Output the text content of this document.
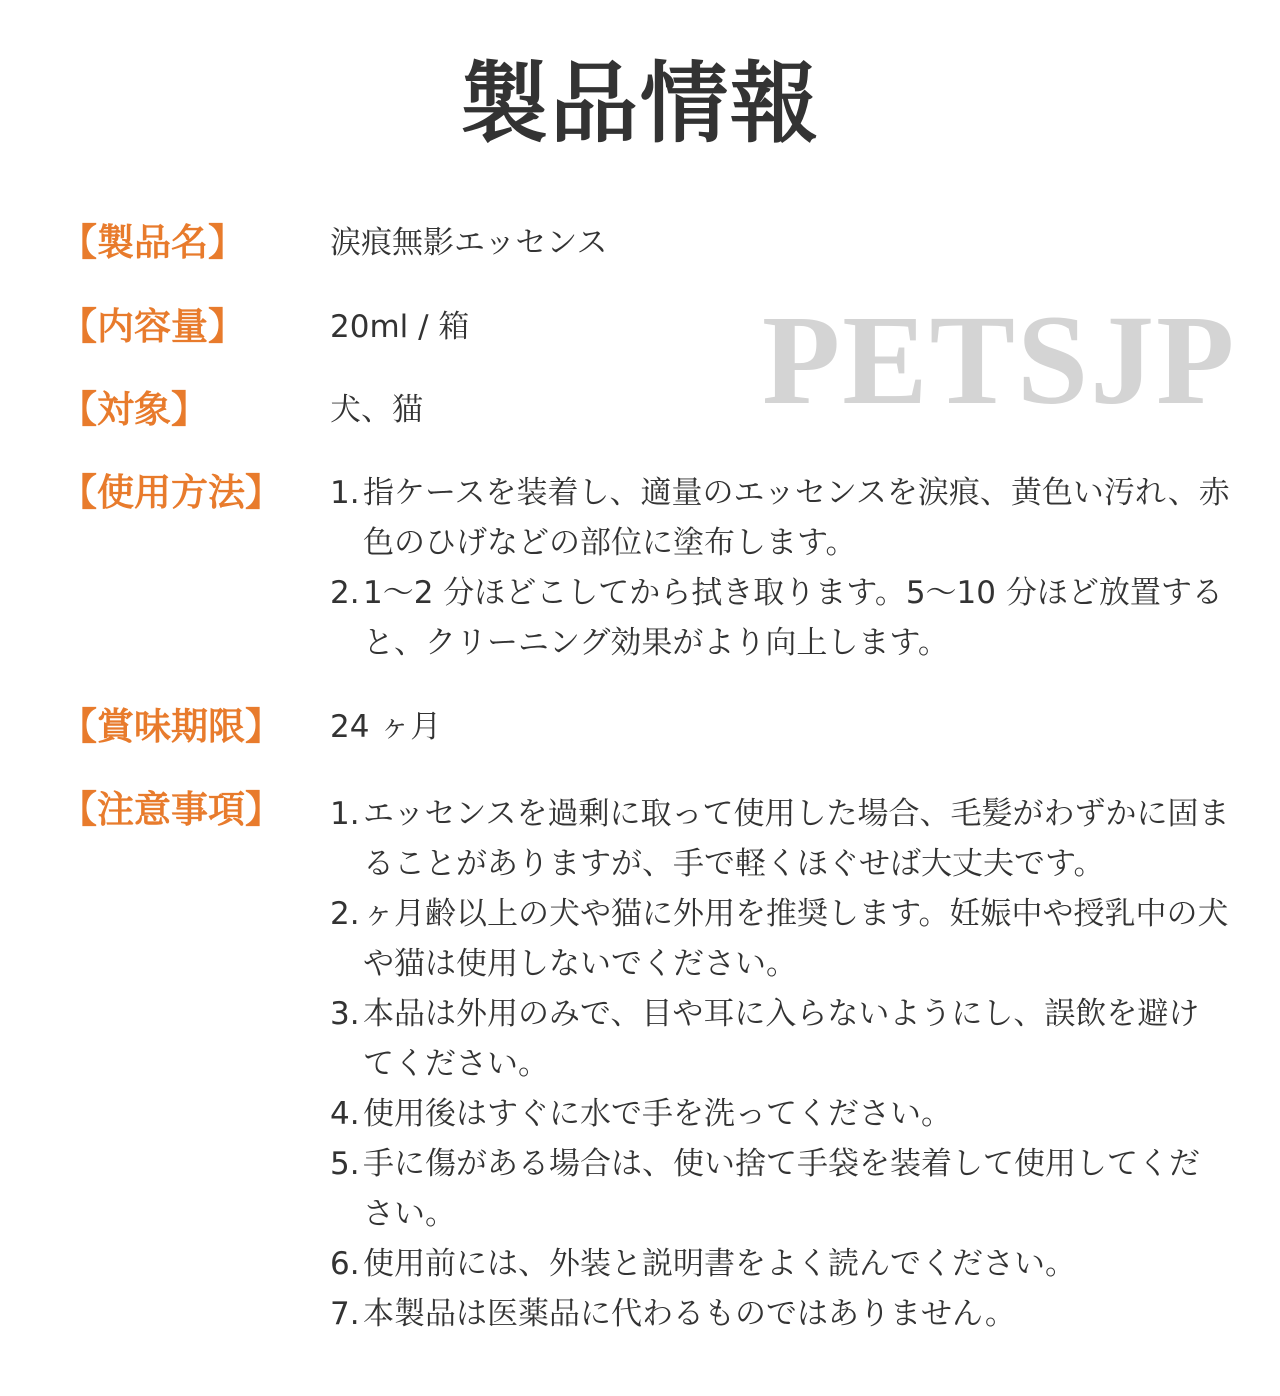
製品情報
PETSJP
【製品名】	涙痕無影エッセンス
【内容量】	20ml / 箱
【対象】	犬、猫
【使用方法】 1. 指ケースを装着し、適量のエッセンスを涙痕、黄色い汚れ、赤色のひげなどの部位に塗布します。
2. 1～2 分ほどこしてから拭き取ります。5～10 分ほど放置すると、クリーニング効果がより向上します。
【賞味期限】 24 ヶ月
【注意事項】 1. エッセンスを過剰に取って使用した場合、毛髪がわずかに固まることがありますが、手で軽くほぐせば大丈夫です。
2. ヶ月齢以上の犬や猫に外用を推奨します。妊娠中や授乳中の犬や猫は使用しないでください。
3. 本品は外用のみで、目や耳に入らないようにし、誤飲を避けてください。
4. 使用後はすぐに水で手を洗ってください。
5. 手に傷がある場合は、使い捨て手袋を装着して使用してください。
6. 使用前には、外装と説明書をよく読んでください。
7. 本製品は医薬品に代わるものではありません。
